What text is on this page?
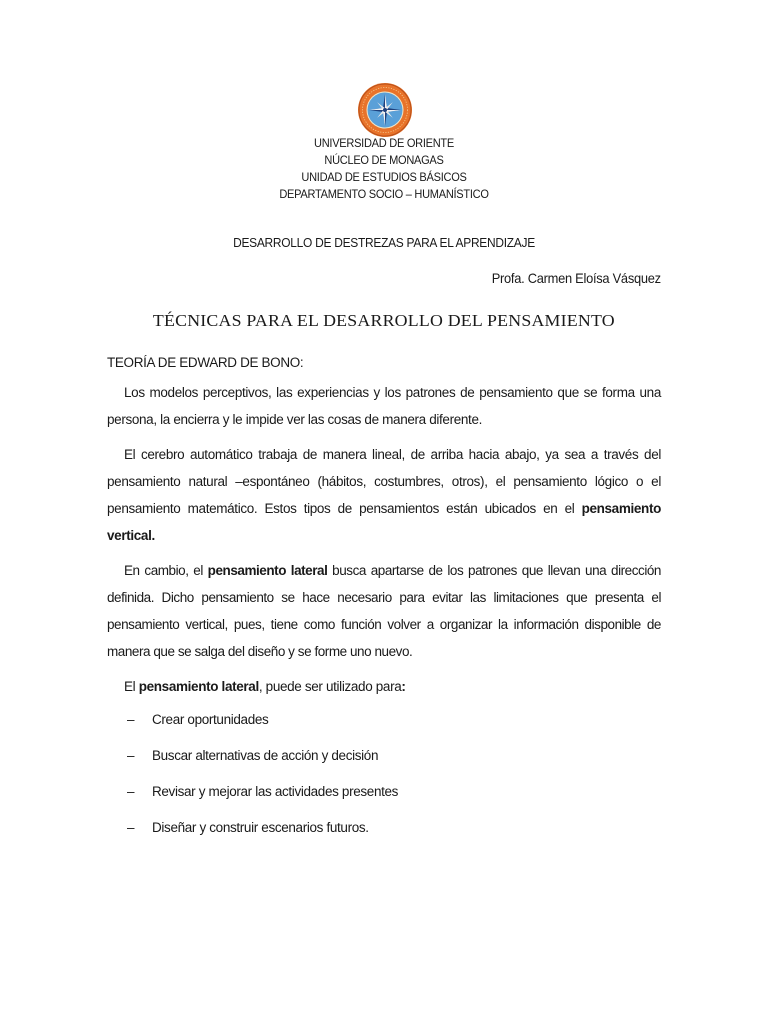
UNIVERSIDAD DE ORIENTE
NÚCLEO DE MONAGAS
UNIDAD DE ESTUDIOS BÁSICOS
DEPARTAMENTO SOCIO – HUMANÍSTICO
DESARROLLO DE DESTREZAS PARA EL APRENDIZAJE
Profa. Carmen Eloísa Vásquez
TÉCNICAS PARA EL DESARROLLO DEL PENSAMIENTO

TEORÍA DE EDWARD DE BONO:

Los modelos perceptivos, las experiencias y los patrones de pensamiento que se forma una persona, la encierra y le impide ver las cosas de manera diferente.

El cerebro automático trabaja de manera lineal, de arriba hacia abajo, ya sea a través del pensamiento natural –espontáneo (hábitos, costumbres, otros), el pensamiento lógico o el pensamiento matemático. Estos tipos de pensamientos están ubicados en el pensamiento vertical.

En cambio, el pensamiento lateral busca apartarse de los patrones que llevan una dirección definida. Dicho pensamiento se hace necesario para evitar las limitaciones que presenta el pensamiento vertical, pues, tiene como función volver a organizar la información disponible de manera que se salga del diseño y se forme uno nuevo.

El pensamiento lateral, puede ser utilizado para:

–	Crear oportunidades
–	Buscar alternativas de acción y decisión
–	Revisar y mejorar las actividades presentes
–	Diseñar y construir escenarios futuros.
